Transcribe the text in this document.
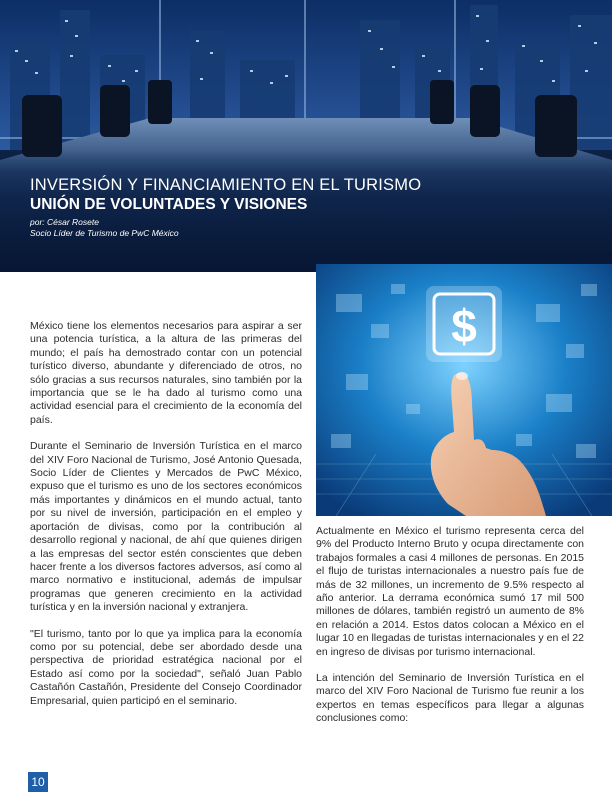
INVERSIÓN Y FINANCIAMIENTO EN EL TURISMO
UNIÓN DE VOLUNTADES Y VISIONES

por: César Rosete

Socio Líder de Turismo de PwC México

$

México tiene los elementos necesarios para aspirar a ser una potencia turística, a la altura de las primeras del mundo; el país ha demostrado contar con un potencial turístico diverso, abundante y diferenciado de otros, no sólo gracias a sus recursos naturales, sino también por la importancia que se le ha dado al turismo como una actividad esencial para el crecimiento de la economía del país.

Durante el Seminario de Inversión Turística en el marco del XIV Foro Nacional de Turismo, José Antonio Quesada, Socio Líder de Clientes y Mercados de PwC México, expuso que el turismo es uno de los sectores económicos más importantes y dinámicos en el mundo actual, tanto por su nivel de inversión, participación en el empleo y aportación de divisas, como por la contribución al desarrollo regional y nacional, de ahí que quienes dirigen a las empresas del sector estén conscientes que deben hacer frente a los diversos factores adversos, así como al marco normativo e institucional, además de impulsar programas que generen crecimiento en la actividad turística y en la inversión nacional y extranjera.

"El turismo, tanto por lo que ya implica para la economía como por su potencial, debe ser abordado desde una perspectiva de prioridad estratégica nacional por el Estado así como por la sociedad", señaló Juan Pablo Castañón Castañón, Presidente del Consejo Coordinador Empresarial, quien participó en el seminario.

Actualmente en México el turismo representa cerca del 9% del Producto Interno Bruto y ocupa directamente con trabajos formales a casi 4 millones de personas. En 2015 el flujo de turistas internacionales a nuestro país fue de más de 32 millones, un incremento de 9.5% respecto al año anterior. La derrama económica sumó 17 mil 500 millones de dólares, también registró un aumento de 8% en relación a 2014. Estos datos colocan a México en el lugar 10 en llegadas de turistas internacionales y en el 22 en ingreso de divisas por turismo internacional.

La intención del Seminario de Inversión Turística en el marco del XIV Foro Nacional de Turismo fue reunir a los expertos en temas específicos para llegar a algunas conclusiones como:

10
